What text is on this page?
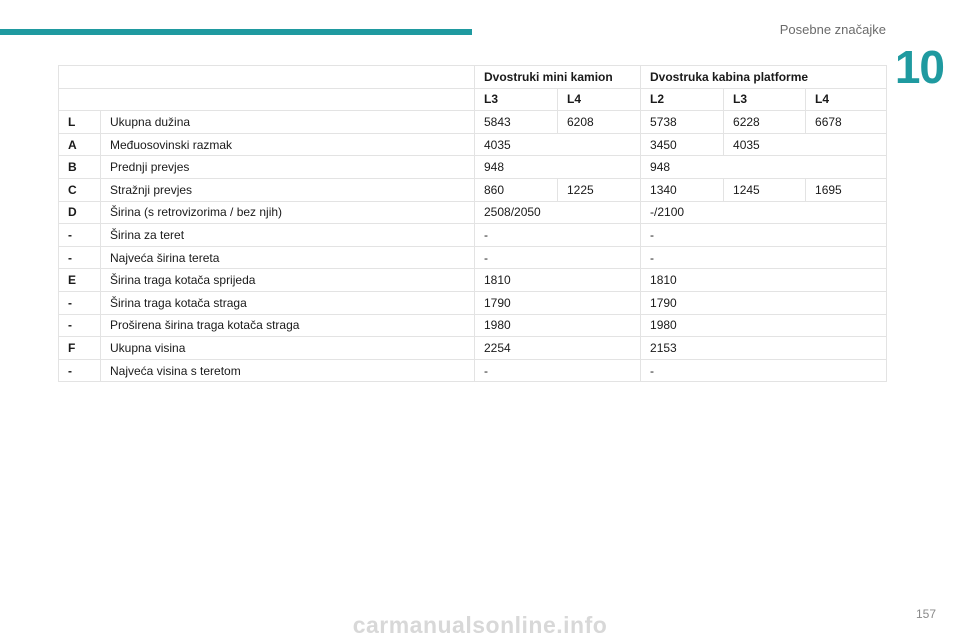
Posebne značajke
10
		Dvostruki mini kamion		Dvostruka kabina platforme		
		L3	L4	L2	L3	L4
L	Ukupna dužina	5843	6208	5738	6228	6678
A	Međuosovinski razmak	4035		3450	4035	
B	Prednji prevjes	948		948		
C	Stražnji prevjes	860	1225	1340	1245	1695
D	Širina (s retrovizorima / bez njih)	2508/2050		-/2100		
-	Širina za teret	-		-		
-	Najveća širina tereta	-		-		
E	Širina traga kotača sprijeda	1810		1810		
-	Širina traga kotača straga	1790		1790		
-	Proširena širina traga kotača straga	1980		1980		
F	Ukupna visina	2254		2153		
-	Najveća visina s teretom	-		-		
157
carmanualsonline.info
